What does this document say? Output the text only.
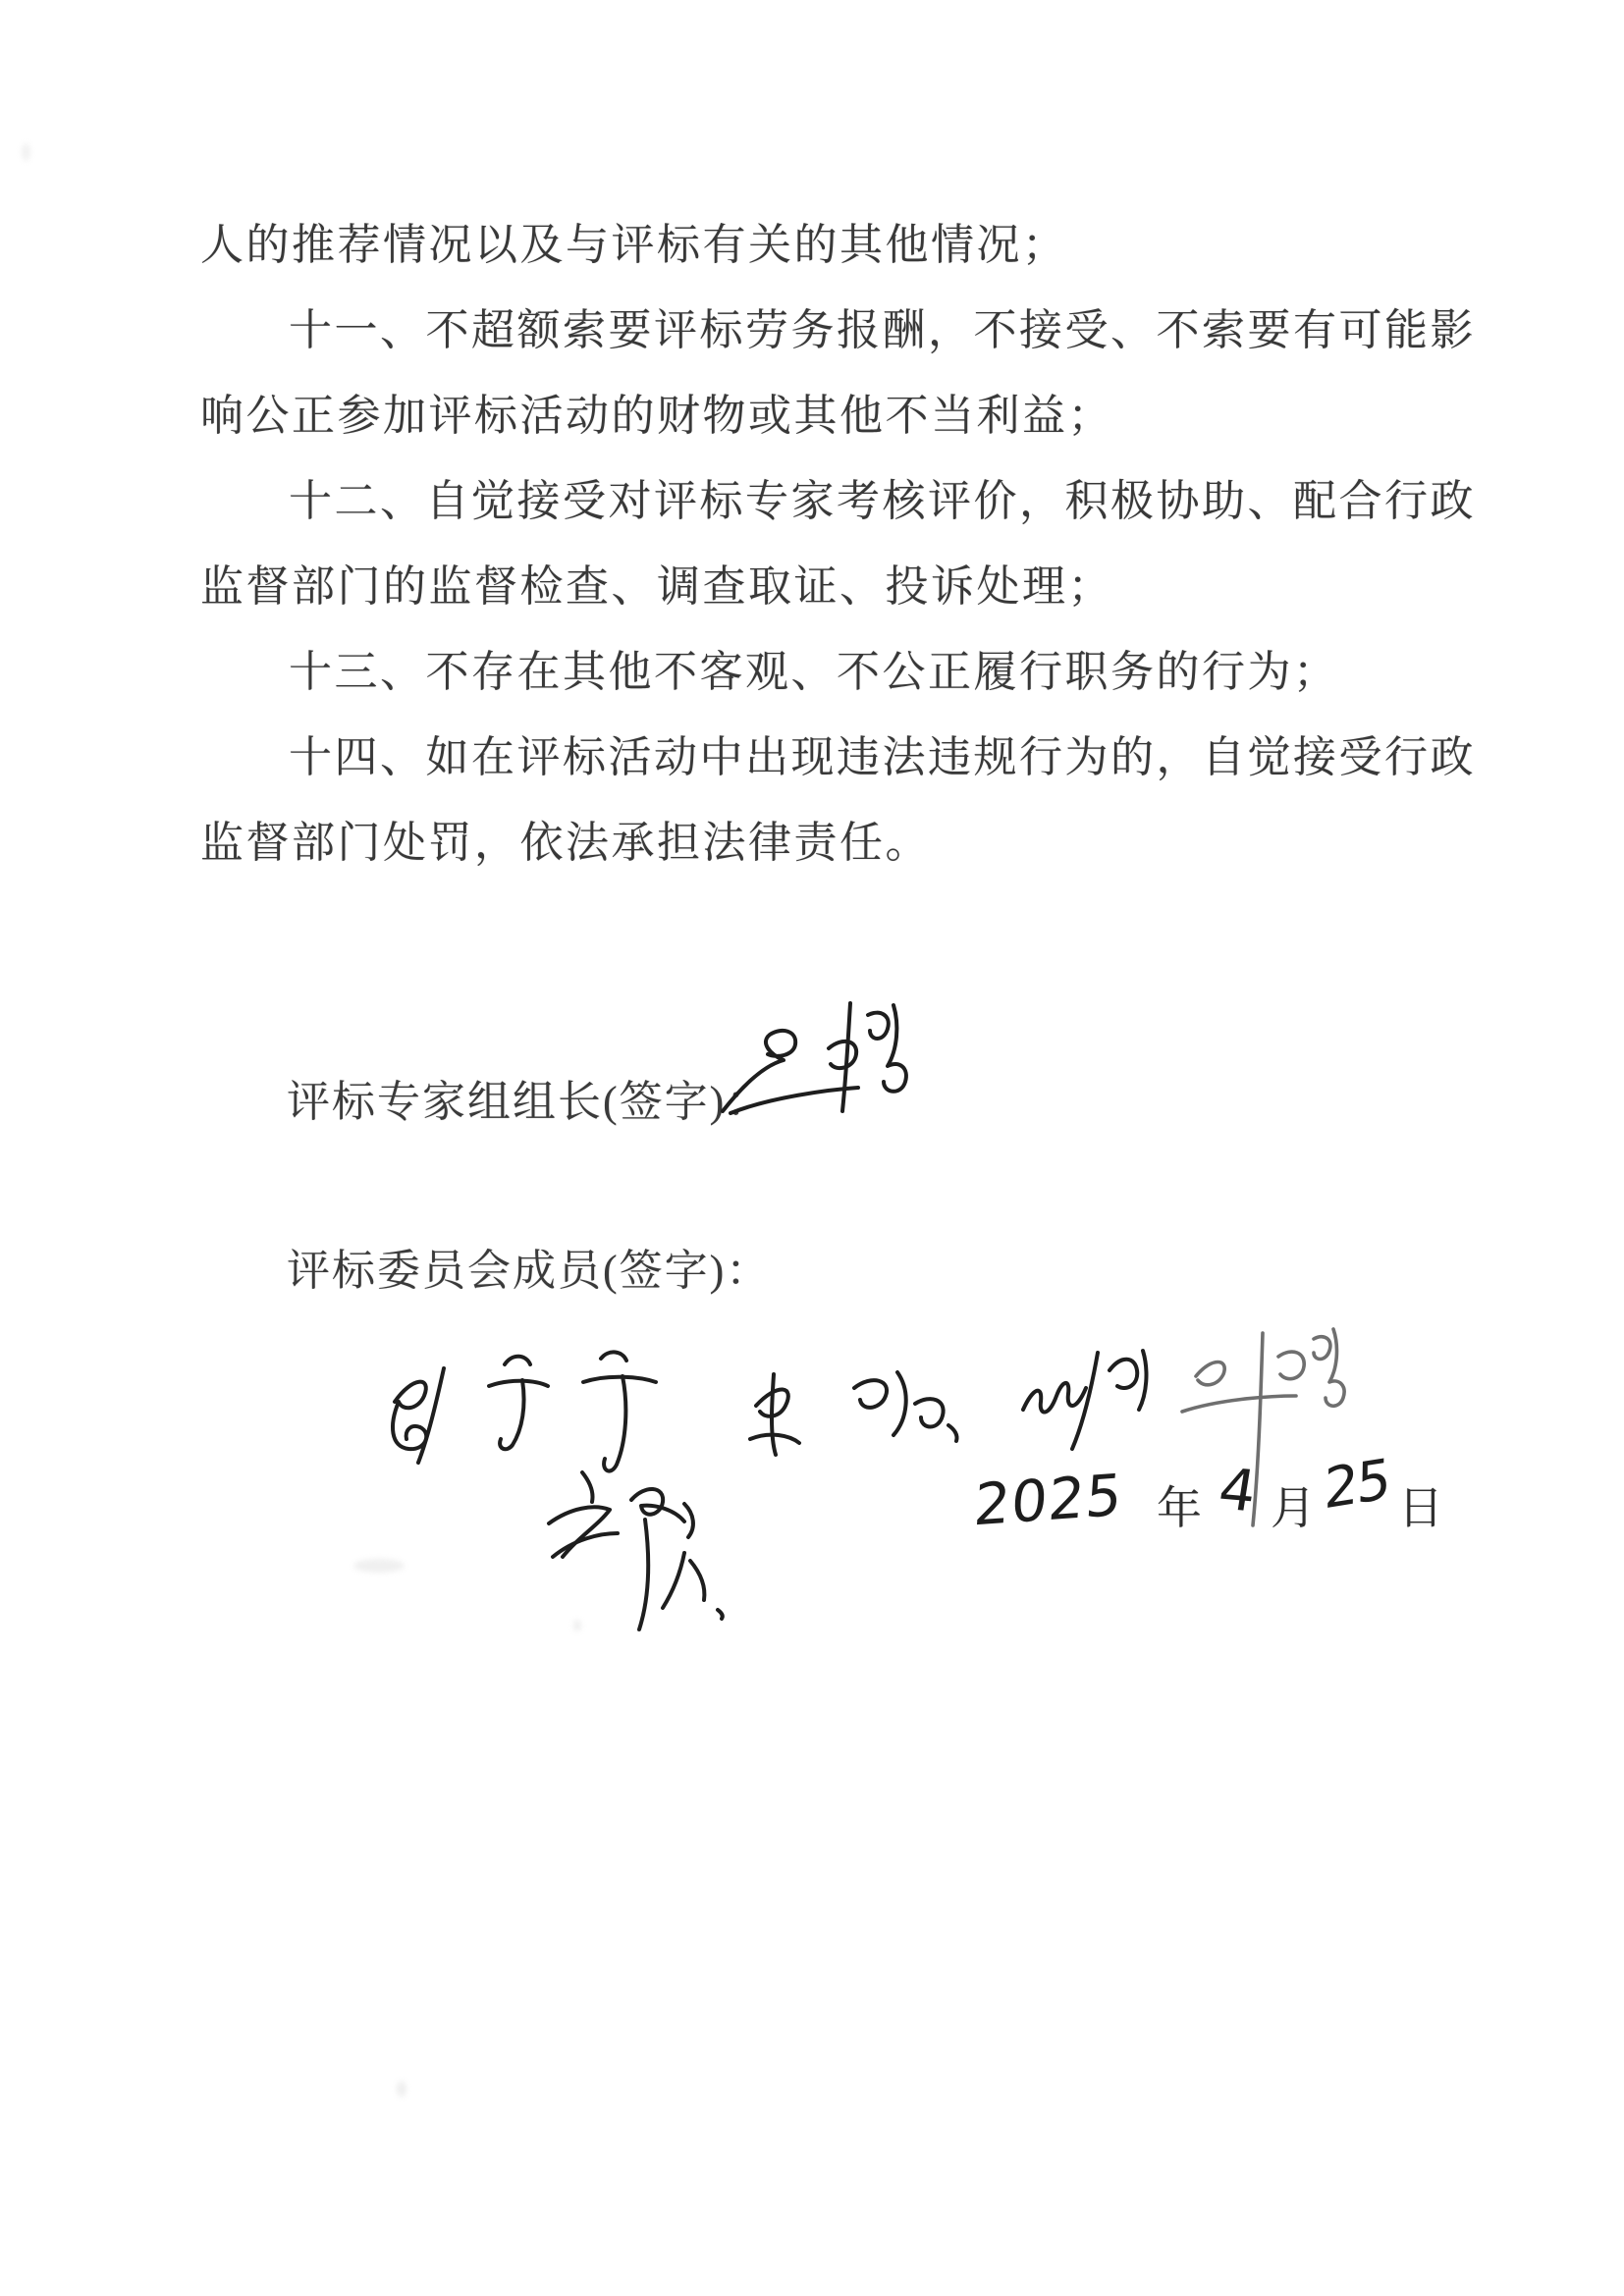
人的推荐情况以及与评标有关的其他情况；
十一、不超额索要评标劳务报酬，不接受、不索要有可能影
响公正参加评标活动的财物或其他不当利益；
十二、自觉接受对评标专家考核评价，积极协助、配合行政
监督部门的监督检查、调查取证、投诉处理；
十三、不存在其他不客观、不公正履行职务的行为；
十四、如在评标活动中出现违法违规行为的，自觉接受行政
监督部门处罚，依法承担法律责任。
评标专家组组长(签字)：
评标委员会成员(签字)：
2025 年 4 月 25 日
